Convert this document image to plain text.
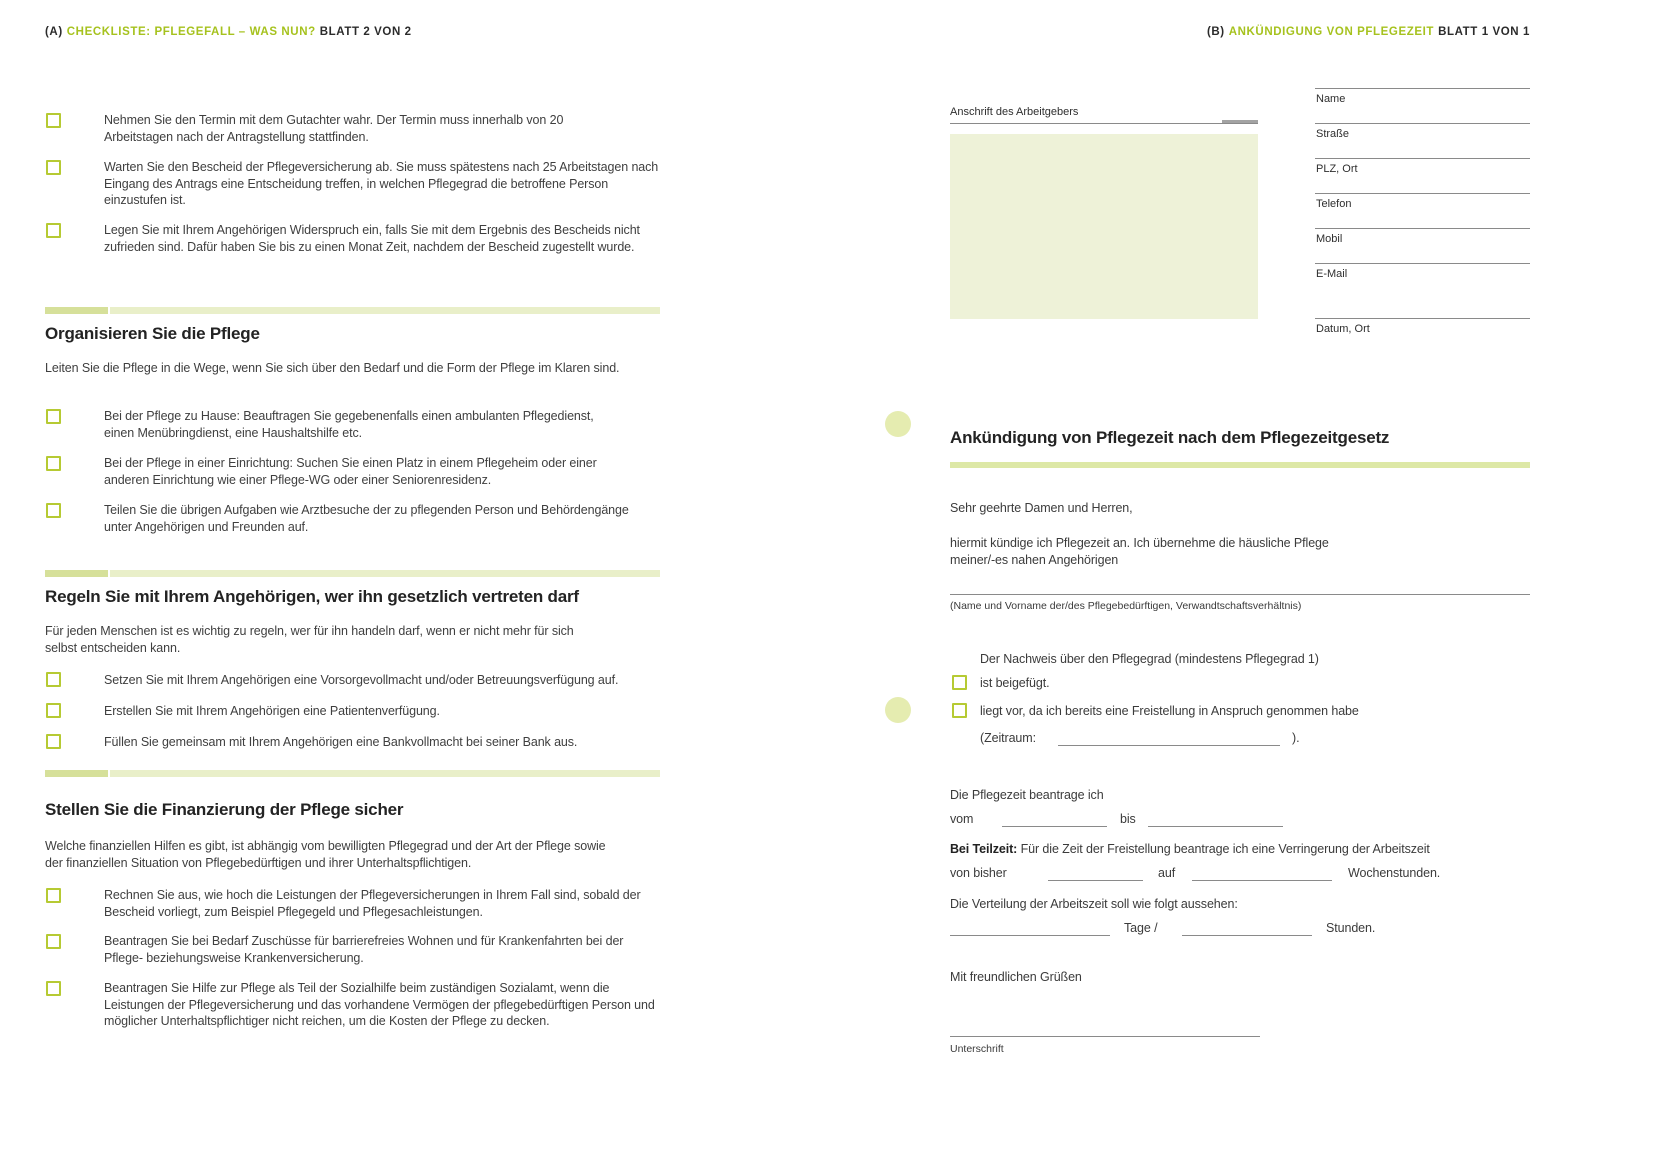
(A) CHECKLISTE: PFLEGEFALL – WAS NUN? BLATT 2 VON 2

Nehmen Sie den Termin mit dem Gutachter wahr. Der Termin muss innerhalb von 20 Arbeitstagen nach der Antragstellung stattfinden.

Warten Sie den Bescheid der Pflegeversicherung ab. Sie muss spätestens nach 25 Arbeitstagen nach Eingang des Antrags eine Entscheidung treffen, in welchen Pflegegrad die betroffene Person einzustufen ist.

Legen Sie mit Ihrem Angehörigen Widerspruch ein, falls Sie mit dem Ergebnis des Bescheids nicht zufrieden sind. Dafür haben Sie bis zu einen Monat Zeit, nachdem der Bescheid zugestellt wurde.

Organisieren Sie die Pflege

Leiten Sie die Pflege in die Wege, wenn Sie sich über den Bedarf und die Form der Pflege im Klaren sind.

Bei der Pflege zu Hause: Beauftragen Sie gegebenenfalls einen ambulanten Pflegedienst, einen Menübringdienst, eine Haushaltshilfe etc.

Bei der Pflege in einer Einrichtung: Suchen Sie einen Platz in einem Pflegeheim oder einer anderen Einrichtung wie einer Pflege-WG oder einer Seniorenresidenz.

Teilen Sie die übrigen Aufgaben wie Arztbesuche der zu pflegenden Person und Behördengänge unter Angehörigen und Freunden auf.

Regeln Sie mit Ihrem Angehörigen, wer ihn gesetzlich vertreten darf

Für jeden Menschen ist es wichtig zu regeln, wer für ihn handeln darf, wenn er nicht mehr für sich selbst entscheiden kann.

Setzen Sie mit Ihrem Angehörigen eine Vorsorgevollmacht und/oder Betreuungsverfügung auf.

Erstellen Sie mit Ihrem Angehörigen eine Patientenverfügung.

Füllen Sie gemeinsam mit Ihrem Angehörigen eine Bankvollmacht bei seiner Bank aus.

Stellen Sie die Finanzierung der Pflege sicher

Welche finanziellen Hilfen es gibt, ist abhängig vom bewilligten Pflegegrad und der Art der Pflege sowie der finanziellen Situation von Pflegebedürftigen und ihrer Unterhaltspflichtigen.

Rechnen Sie aus, wie hoch die Leistungen der Pflegeversicherungen in Ihrem Fall sind, sobald der Bescheid vorliegt, zum Beispiel Pflegegeld und Pflegesachleistungen.

Beantragen Sie bei Bedarf Zuschüsse für barrierefreies Wohnen und für Krankenfahrten bei der Pflege- beziehungsweise Krankenversicherung.

Beantragen Sie Hilfe zur Pflege als Teil der Sozialhilfe beim zuständigen Sozialamt, wenn die Leistungen der Pflegeversicherung und das vorhandene Vermögen der pflegebedürftigen Person und möglicher Unterhaltspflichtiger nicht reichen, um die Kosten der Pflege zu decken.

(B) ANKÜNDIGUNG VON PFLEGEZEIT BLATT 1 VON 1
Anschrift des Arbeitgebers
Name
Straße
PLZ, Ort
Telefon
Mobil
E-Mail
Datum, Ort
Ankündigung von Pflegezeit nach dem Pflegezeitgesetz

Sehr geehrte Damen und Herren,

hiermit kündige ich Pflegezeit an. Ich übernehme die häusliche Pflege

meiner/-es nahen Angehörigen

(Name und Vorname der/des Pflegebedürftigen, Verwandtschaftsverhältnis)

Der Nachweis über den Pflegegrad (mindestens Pflegegrad 1)

ist beigefügt.

liegt vor, da ich bereits eine Freistellung in Anspruch genommen habe

(Zeitraum:	).

Die Pflegezeit beantrage ich

vom	bis

Bei Teilzeit: Für die Zeit der Freistellung beantrage ich eine Verringerung der Arbeitszeit

von bisher	auf	Wochenstunden.

Die Verteilung der Arbeitszeit soll wie folgt aussehen:

Tage /	Stunden.

Mit freundlichen Grüßen

Unterschrift
